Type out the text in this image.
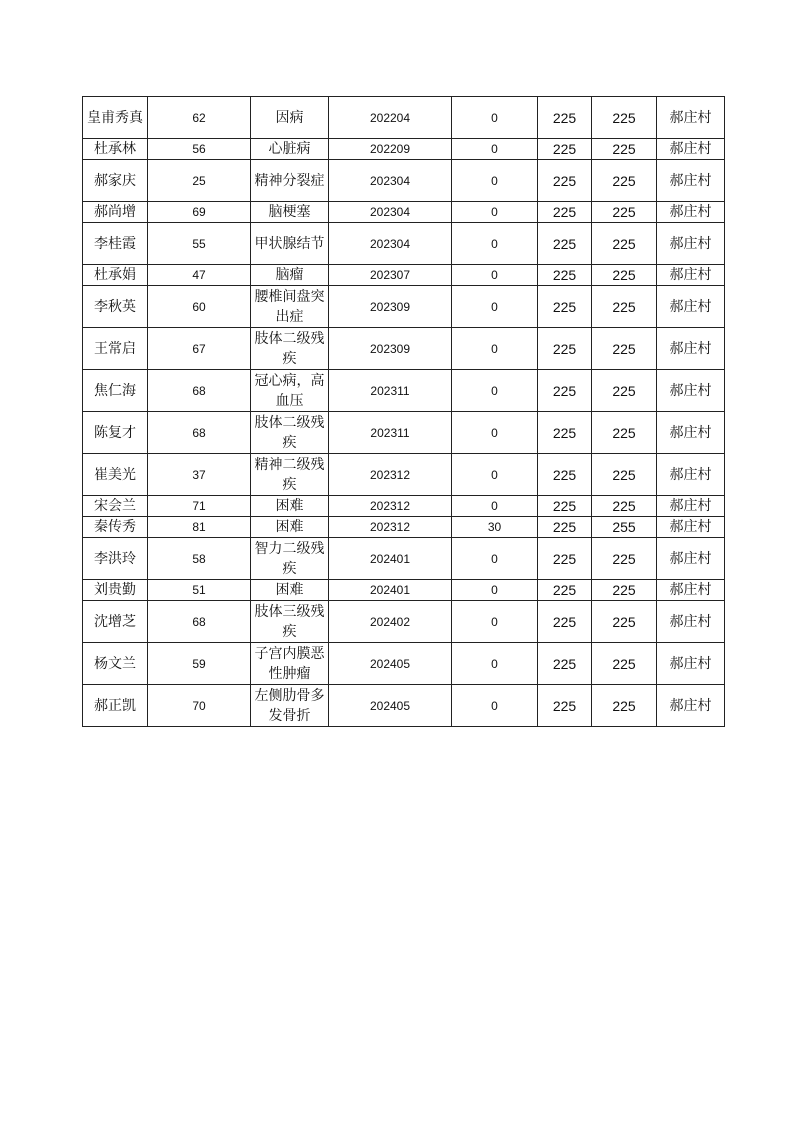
皇甫秀真	62	因病	202204	0	225	225	郝庄村
杜承林	56	心脏病	202209	0	225	225	郝庄村
郝家庆	25	精神分裂症	202304	0	225	225	郝庄村
郝尚增	69	脑梗塞	202304	0	225	225	郝庄村
李桂霞	55	甲状腺结节	202304	0	225	225	郝庄村
杜承娟	47	脑瘤	202307	0	225	225	郝庄村
李秋英	60	腰椎间盘突出症	202309	0	225	225	郝庄村
王常启	67	肢体二级残疾	202309	0	225	225	郝庄村
焦仁海	68	冠心病，高血压	202311	0	225	225	郝庄村
陈复才	68	肢体二级残疾	202311	0	225	225	郝庄村
崔美光	37	精神二级残疾	202312	0	225	225	郝庄村
宋会兰	71	困难	202312	0	225	225	郝庄村
秦传秀	81	困难	202312	30	225	255	郝庄村
李洪玲	58	智力二级残疾	202401	0	225	225	郝庄村
刘贵勤	51	困难	202401	0	225	225	郝庄村
沈增芝	68	肢体三级残疾	202402	0	225	225	郝庄村
杨文兰	59	子宫内膜恶性肿瘤	202405	0	225	225	郝庄村
郝正凯	70	左侧肋骨多发骨折	202405	0	225	225	郝庄村
